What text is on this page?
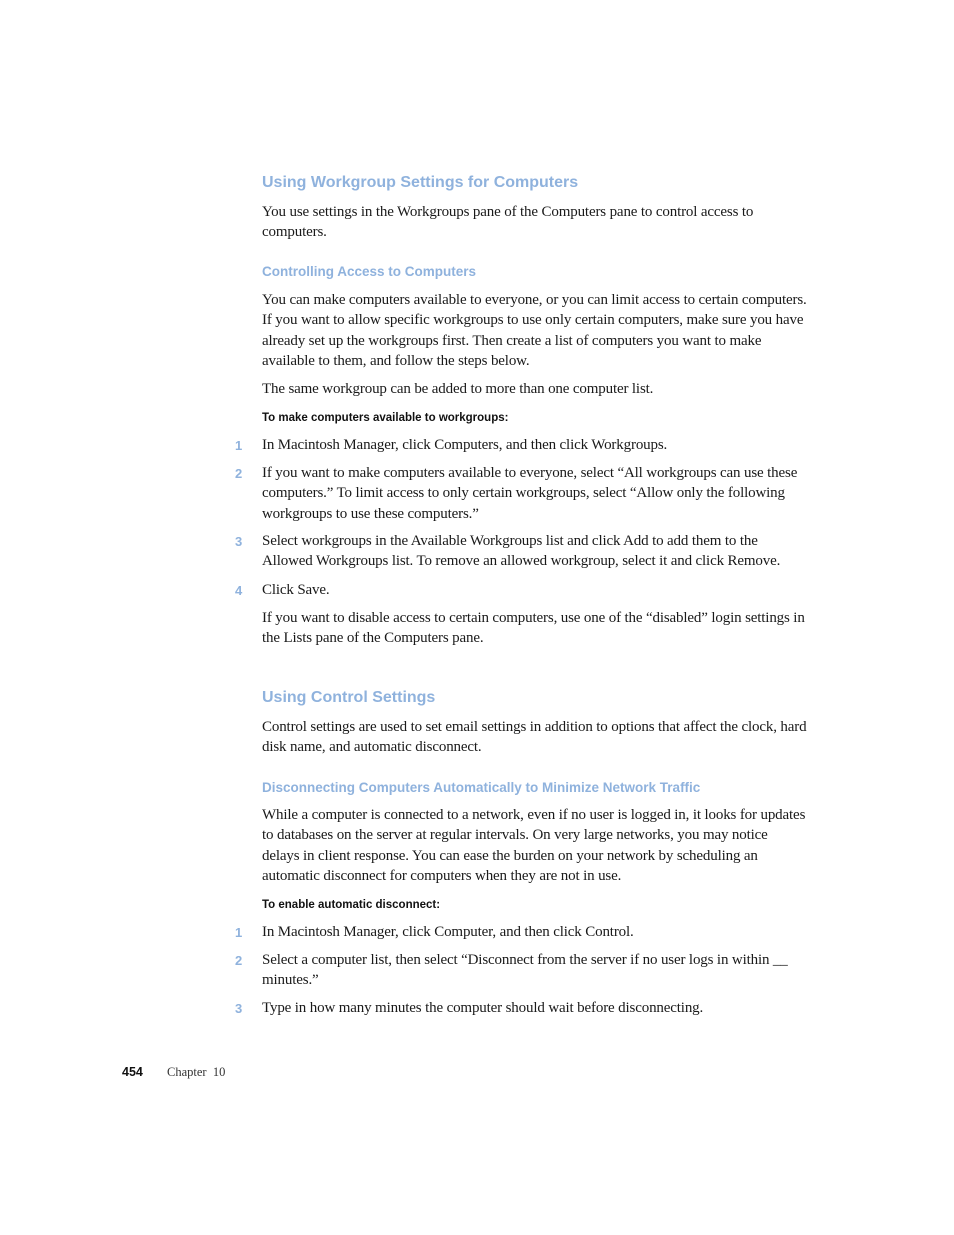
Using Workgroup Settings for Computers

You use settings in the Workgroups pane of the Computers pane to control access to computers.

Controlling Access to Computers

You can make computers available to everyone, or you can limit access to certain computers. If you want to allow specific workgroups to use only certain computers, make sure you have already set up the workgroups first. Then create a list of computers you want to make available to them, and follow the steps below.

The same workgroup can be added to more than one computer list.

To make computers available to workgroups:

1 In Macintosh Manager, click Computers, and then click Workgroups.

2 If you want to make computers available to everyone, select “All workgroups can use these computers.” To limit access to only certain workgroups, select “Allow only the following workgroups to use these computers.”

3 Select workgroups in the Available Workgroups list and click Add to add them to the Allowed Workgroups list. To remove an allowed workgroup, select it and click Remove.

4 Click Save.

If you want to disable access to certain computers, use one of the “disabled” login settings in the Lists pane of the Computers pane.

Using Control Settings

Control settings are used to set email settings in addition to options that affect the clock, hard disk name, and automatic disconnect.

Disconnecting Computers Automatically to Minimize Network Traffic

While a computer is connected to a network, even if no user is logged in, it looks for updates to databases on the server at regular intervals. On very large networks, you may notice delays in client response. You can ease the burden on your network by scheduling an automatic disconnect for computers when they are not in use.

To enable automatic disconnect:

1 In Macintosh Manager, click Computer, and then click Control.

2 Select a computer list, then select “Disconnect from the server if no user logs in within __ minutes.”

3 Type in how many minutes the computer should wait before disconnecting.

454 Chapter  10
